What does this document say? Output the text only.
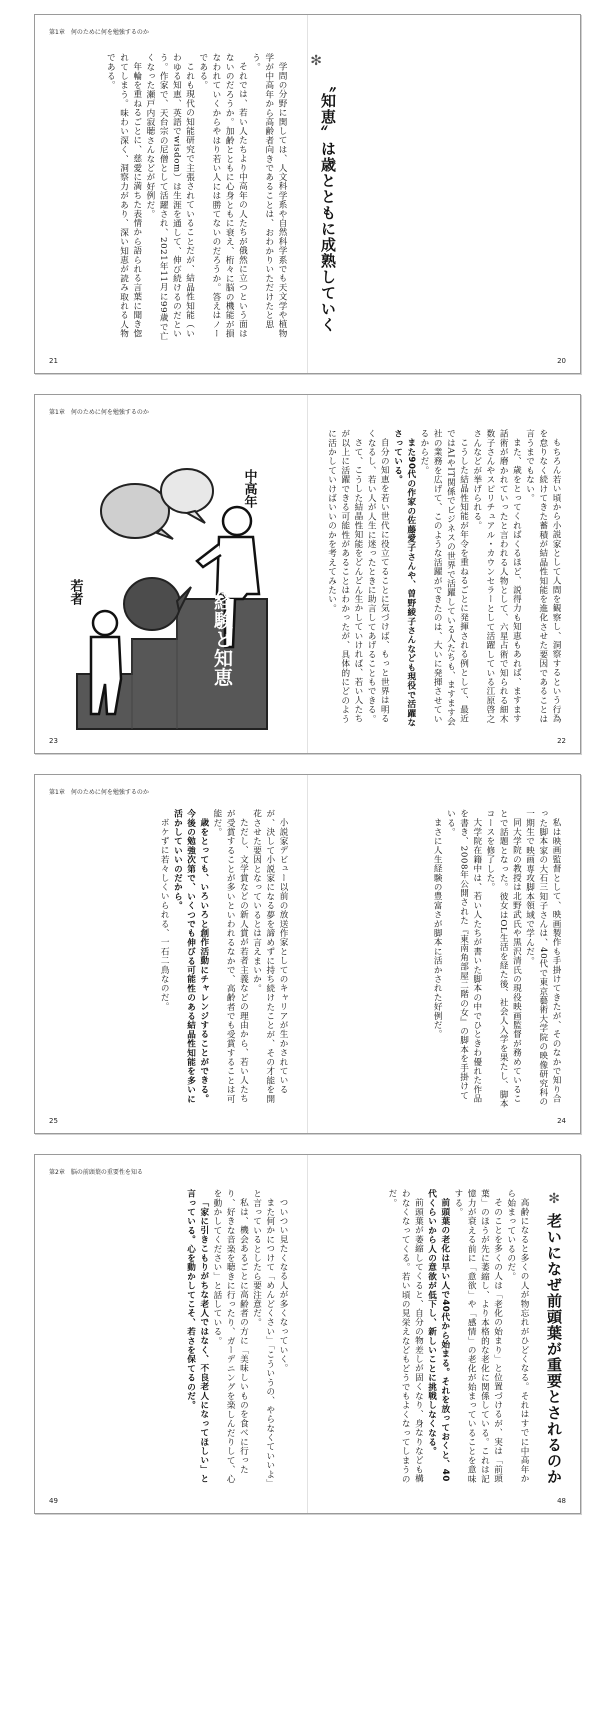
第1章　何のために何を勉強するのか
✻
〝知恵〟は歳とともに成熟していく

学問の分野に関しては、人文科学系や自然科学系でも天文学や植物学が中高年から高齢者向きであることは、おわかりいただけたと思う。

それでは、若い人たちより中高年の人たちが俄然に立つという面はないのだろうか。加齢とともに心身ともに衰え、桁々に脳の機能が損なわれていくからやはり若い人には勝てないのだろうか。答えはノーである。

これも現代の知能研究で主張されていることだが、結晶性知能（いわゆる知恵、英語でwisdom）は生涯を通して、伸び続けるのだという。作家で、天台宗の尼僧として活躍され、2021年11月に99歳で亡くなった瀬戸内寂聴さんなどが好例だ。

年輪を重ねるごとに、慈愛に満ちた表情から語られる言葉に聞き惚れてしまう。味わい深く、洞察力があり、深い知恵が読み取れる人物である。

21	20
第1章　何のために何を勉強するのか
中高年
若者	経験と知恵	もちろん若い頃から小説家として人間を観察し、洞察するという行為を怠りなく続けてきた蓄積が結晶性知能を進化させた要因であることは言うまでもない。

また、歳をとってくればくるほど、説得力も知恵もあれば、ますます話術が磨かれていったと言われる人物として、六星占術で知られる細木数子さんやスピリチュアル・カウンセラーとして活躍している江原啓之さんなどが挙げられる。

こうした結晶性知能が年令を重ねるごとに発揮される例として、最近ではAIやIT関係でビジネスの世界で活躍している人たちも、ますます会社の業務を広げて、このような活躍ができたのは、大いに発揮させているからだ。

また90代の作家の佐藤愛子さんや、曽野綾子さんなども現役で活躍なさっている。

自分の知恵を若い世代に役立てることに気づけば、もっと世界は明るくなるし、若い人が人生に迷ったときに助言してあげることもできる。

さて、こうした結晶性知能をどんどん生かしていければ、若い人たちが以上に活躍できる可能性があることはわかったが、具体的にどのように活かしていけばいいのかを考えてみたい。

23	22
第1章　何のために何を勉強するのか

私は映画監督として、映画製作も手掛けてきたが、そのなかで知り合った脚本家の大石三知子さんは、40代で東京藝術大学院の映像研究科の一期生で映画専攻脚本領域で学んだ。

同大学院の教授は北野武氏や黒沢清氏の現役映画監督が務めていることで話題となった。彼女はOL生活を経た後、社会人入学を果たし、脚本コースを修了した。

大学院在籍中は、若い人たちが書いた脚本の中でひときわ優れた作品を書き、2008年公開された『東南角部屋二階の女』の脚本を手掛けている。

まさに人生経験の豊富さが脚本に活かされた好例だ。

小説家デビュー以前の放送作家としてのキャリアが生かされているが、決して小説家になる夢を諦めずに持ち続けたことが、その才能を開花させた要因となっているとは言えまいか。

ただし、文学賞などの新人賞が若者主義などの理由から、若い人たちが受賞することが多いといわれるなかで、高齢者でも受賞することは可能だ。

歳をとっても、いろいろと創作活動にチャレンジすることができる。今後の勉強次第で、いくつでも伸びる可能性のある結晶性知能を多いに活かしていいのだから。

ボケずに若々しくいられる、一石二鳥なのだ。

25	24
第2章　脳の前頭葉の重要性を知る
✻
老いになぜ前頭葉が重要とされるのか

高齢になると多くの人が物忘れがひどくなる。それはすでに中高年から始まっているのだ。

そのことを多くの人は「老化の始まり」と位置づけるが、実は「前頭葉」のほうが先に萎縮し、より本格的な老化に関係している。これは記憶力が衰える前に「意欲」や「感情」の老化が始まっていることを意味する。

前頭葉の老化は早い人で40代から始まる。それを放っておくと、40代くらいから人の意欲が低下し、新しいことに挑戦しなくなる。

前頭葉が萎縮してくると、自分の物差しが固くなり、身なりなども構わなくなってくる。若い頃の見栄えなどもどうでもよくなってしまうのだ。

ついつい見たくなる人が多くなっていく。

また何かにつけて「めんどくさい」「こういうの、やらなくていいよ」と言っているとしたら要注意だ。

私は、機会あるごとに高齢者の方に「美味しいものを食べに行ったり、好きな音楽を聴きに行ったり、ガーデニングを楽しんだりして、心を動かしてください」と話している。

「家に引きこもりがちな老人ではなく、不良老人になってほしい」と言っている。心を動かしてこそ、若さを保てるのだ。

49	48
